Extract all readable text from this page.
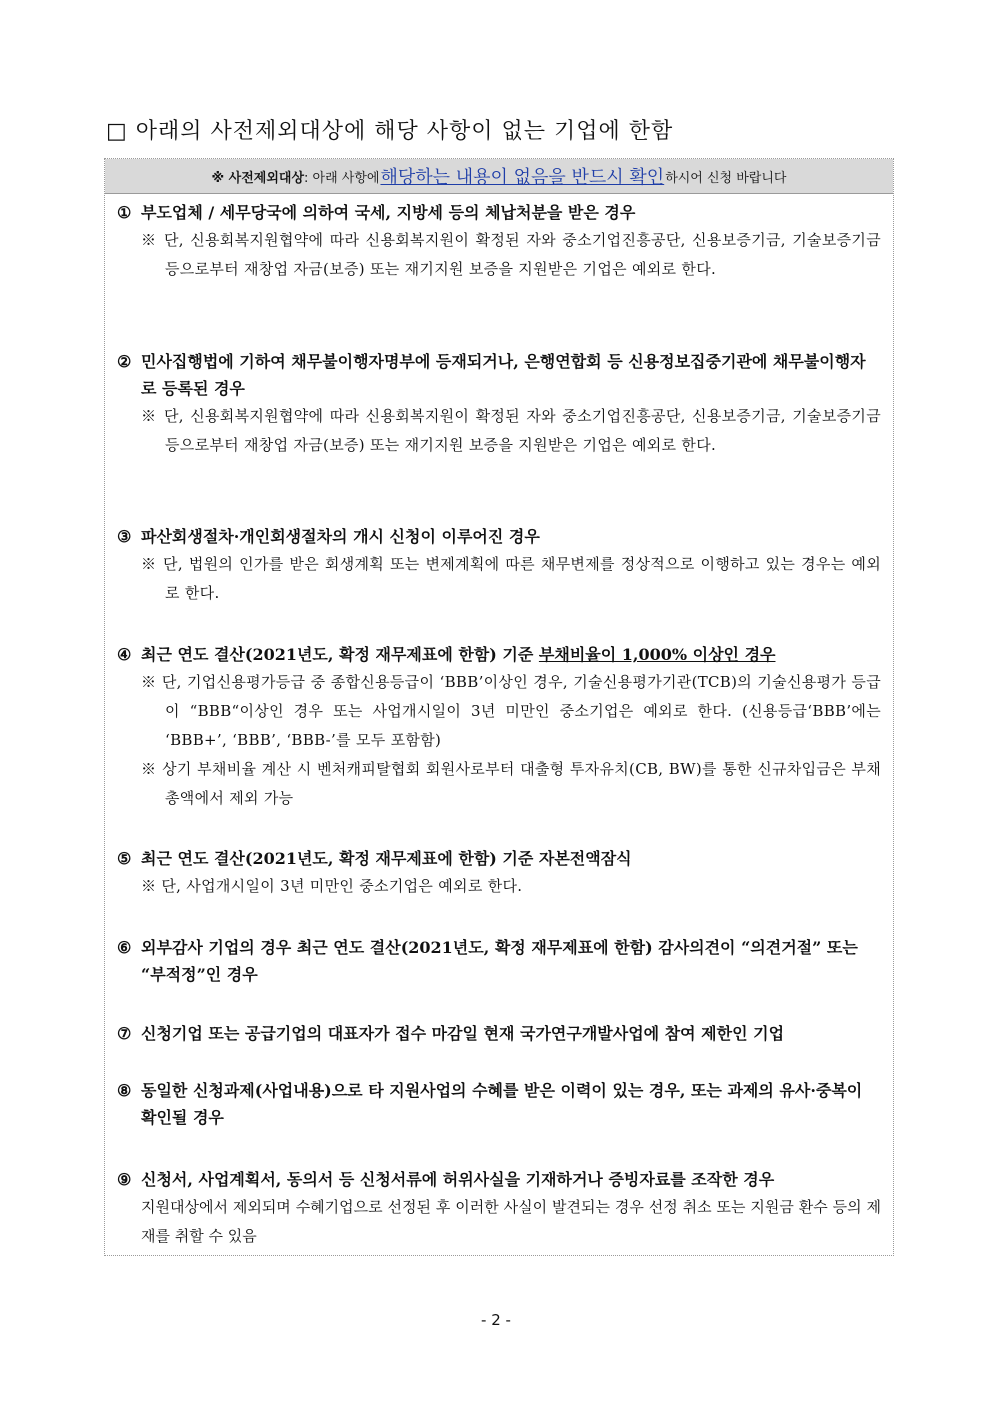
□ 아래의 사전제외대상에 해당 사항이 없는 기업에 한함
※ 사전제외대상 : 아래 사항에 해당하는 내용이 없음을 반드시 확인 하시어 신청 바랍니다
① 부도업체 / 세무당국에 의하여 국세, 지방세 등의 체납처분을 받은 경우
※ 단, 신용회복지원협약에 따라 신용회복지원이 확정된 자와 중소기업진흥공단, 신용보증기금, 기술보증기금 등으로부터 재창업 자금(보증) 또는 재기지원 보증을 지원받은 기업은 예외로 한다.
② 민사집행법에 기하여 채무불이행자명부에 등재되거나, 은행연합회 등 신용정보집중기관에 채무불이행자로 등록된 경우
※ 단, 신용회복지원협약에 따라 신용회복지원이 확정된 자와 중소기업진흥공단, 신용보증기금, 기술보증기금 등으로부터 재창업 자금(보증) 또는 재기지원 보증을 지원받은 기업은 예외로 한다.
③ 파산회생절차·개인회생절차의 개시 신청이 이루어진 경우
※ 단, 법원의 인가를 받은 회생계획 또는 변제계획에 따른 채무변제를 정상적으로 이행하고 있는 경우는 예외로 한다.
④ 최근 연도 결산(2021년도, 확정 재무제표에 한함) 기준 부채비율이 1,000% 이상인 경우
※ 단, 기업신용평가등급 중 종합신용등급이 ‘BBB’이상인 경우, 기술신용평가기관(TCB)의 기술신용평가 등급이 “BBB“이상인 경우 또는 사업개시일이 3년 미만인 중소기업은 예외로 한다. (신용등급‘BBB’에는 ‘BBB+’, ‘BBB’, ‘BBB-’를 모두 포함함)
※ 상기 부채비율 계산 시 벤처캐피탈협회 회원사로부터 대출형 투자유치(CB, BW)를 통한 신규차입금은 부채총액에서 제외 가능
⑤ 최근 연도 결산(2021년도, 확정 재무제표에 한함) 기준 자본전액잠식
※ 단, 사업개시일이 3년 미만인 중소기업은 예외로 한다.
⑥ 외부감사 기업의 경우 최근 연도 결산(2021년도, 확정 재무제표에 한함) 감사의견이 “의견거절” 또는 “부적정”인 경우
⑦ 신청기업 또는 공급기업의 대표자가 접수 마감일 현재 국가연구개발사업에 참여 제한인 기업
⑧ 동일한 신청과제(사업내용)으로 타 지원사업의 수혜를 받은 이력이 있는 경우, 또는 과제의 유사·중복이 확인될 경우
⑨ 신청서, 사업계획서, 동의서 등 신청서류에 허위사실을 기재하거나 증빙자료를 조작한 경우
지원대상에서 제외되며 수혜기업으로 선정된 후 이러한 사실이 발견되는 경우 선정 취소 또는 지원금 환수 등의 제재를 취할 수 있음
- 2 -
